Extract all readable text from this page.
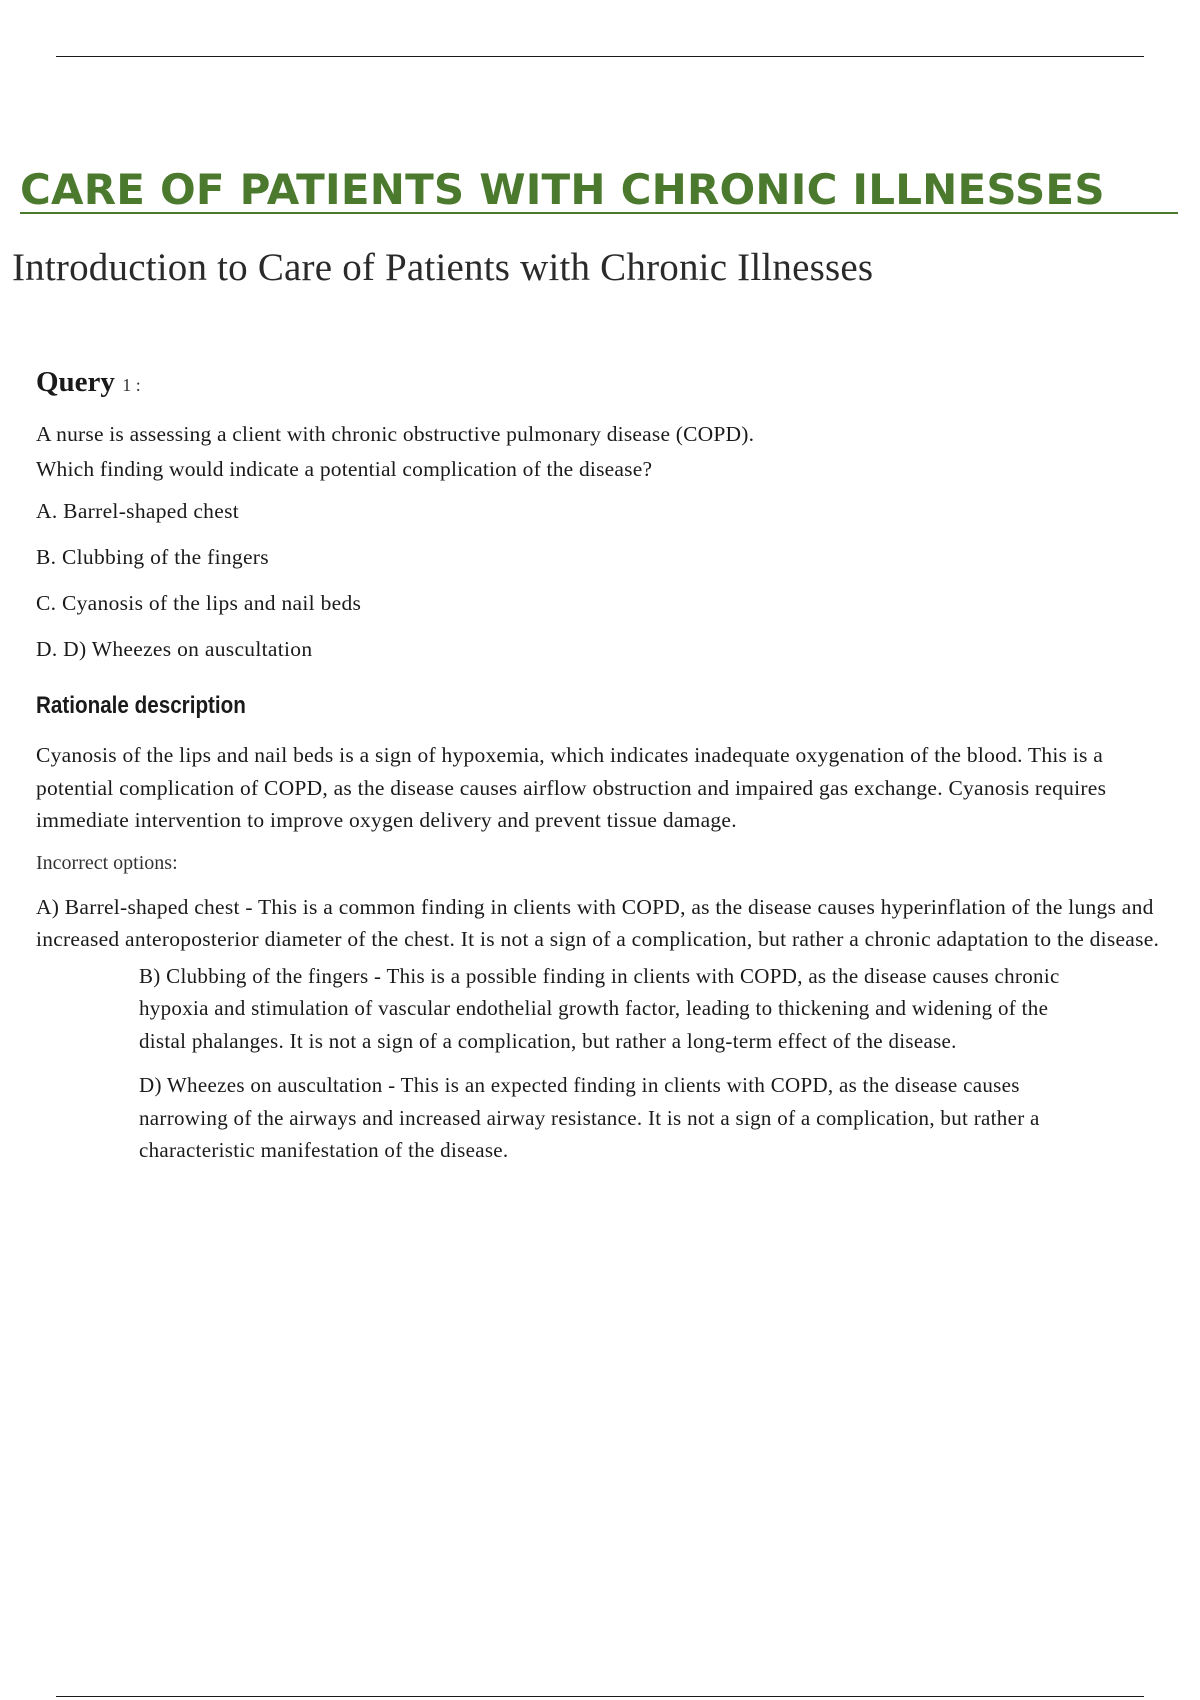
CARE OF PATIENTS WITH CHRONIC ILLNESSES
Introduction to Care of Patients with Chronic Illnesses
Query 1 :
A nurse is assessing a client with chronic obstructive pulmonary disease (COPD).
Which finding would indicate a potential complication of the disease?
A. Barrel-shaped chest
B. Clubbing of the fingers
C. Cyanosis of the lips and nail beds
D. D) Wheezes on auscultation
Rationale description

Cyanosis of the lips and nail beds is a sign of hypoxemia, which indicates inadequate oxygenation of the blood. This is a potential complication of COPD, as the disease causes airflow obstruction and impaired gas exchange. Cyanosis requires immediate intervention to improve oxygen delivery and prevent tissue damage.

Incorrect options:

A) Barrel-shaped chest - This is a common finding in clients with COPD, as the disease causes hyperinflation of the lungs and increased anteroposterior diameter of the chest. It is not a sign of a complication, but rather a chronic adaptation to the disease.

B) Clubbing of the fingers - This is a possible finding in clients with COPD, as the disease causes chronic hypoxia and stimulation of vascular endothelial growth factor, leading to thickening and widening of the distal phalanges. It is not a sign of a complication, but rather a long-term effect of the disease.

D) Wheezes on auscultation - This is an expected finding in clients with COPD, as the disease causes narrowing of the airways and increased airway resistance. It is not a sign of a complication, but rather a characteristic manifestation of the disease.
